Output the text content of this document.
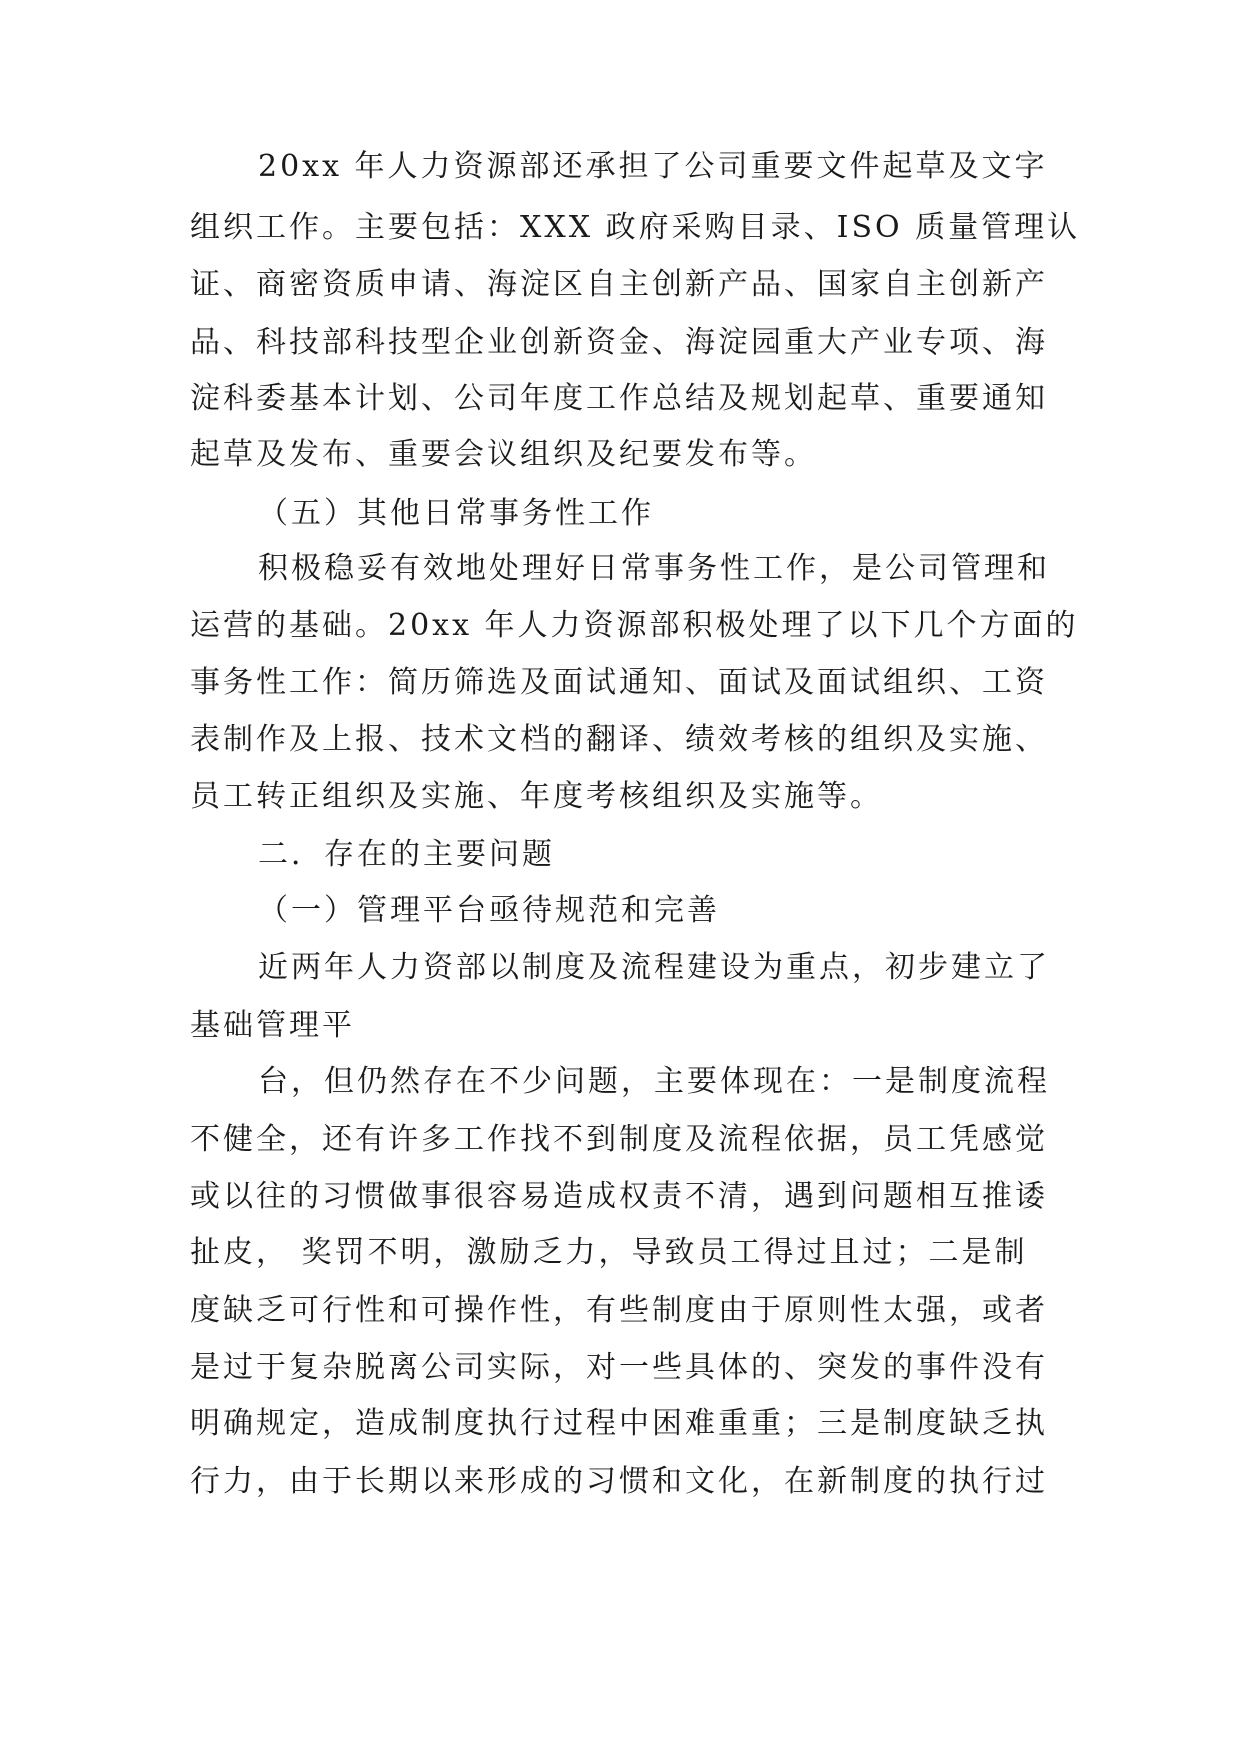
20xx 年人力资源部还承担了公司重要文件起草及文字
组织工作。主要包括：XXX 政府采购目录、ISO 质量管理认
证、商密资质申请、海淀区自主创新产品、国家自主创新产
品、科技部科技型企业创新资金、海淀园重大产业专项、海
淀科委基本计划、公司年度工作总结及规划起草、重要通知
起草及发布、重要会议组织及纪要发布等。
（五）其他日常事务性工作
积极稳妥有效地处理好日常事务性工作，是公司管理和
运营的基础。20xx 年人力资源部积极处理了以下几个方面的
事务性工作：简历筛选及面试通知、面试及面试组织、工资
表制作及上报、技术文档的翻译、绩效考核的组织及实施、
员工转正组织及实施、年度考核组织及实施等。
二．存在的主要问题
（一）管理平台亟待规范和完善
近两年人力资部以制度及流程建设为重点，初步建立了
基础管理平
台，但仍然存在不少问题，主要体现在：一是制度流程
不健全，还有许多工作找不到制度及流程依据，员工凭感觉
或以往的习惯做事很容易造成权责不清，遇到问题相互推诿
扯皮， 奖罚不明，激励乏力，导致员工得过且过；二是制
度缺乏可行性和可操作性，有些制度由于原则性太强，或者
是过于复杂脱离公司实际，对一些具体的、突发的事件没有
明确规定，造成制度执行过程中困难重重；三是制度缺乏执
行力，由于长期以来形成的习惯和文化，在新制度的执行过
